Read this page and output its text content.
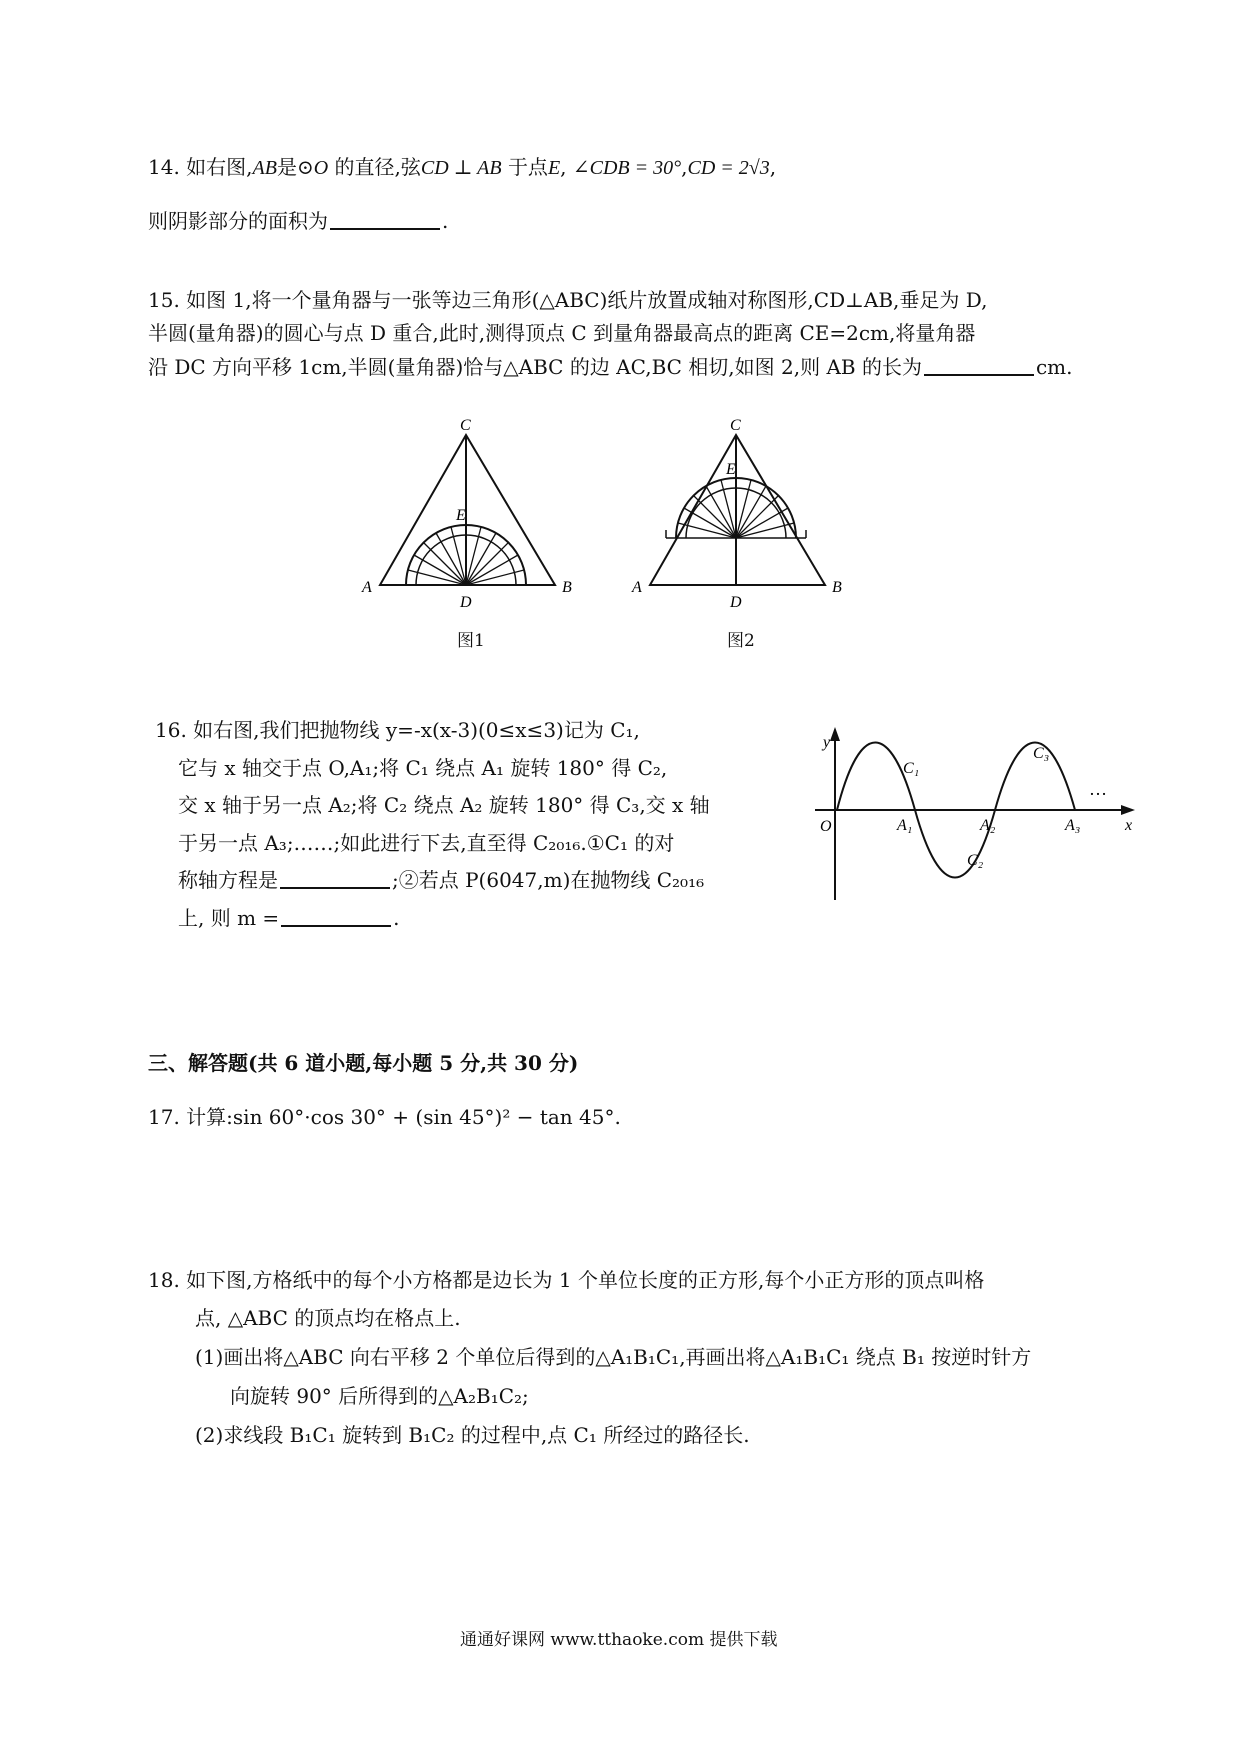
14. 如右图,AB是⊙O 的直径,弦CD ⊥ AB 于点E, ∠CDB = 30°,CD = 2√3,
则阴影部分的面积为	.
15. 如图 1,将一个量角器与一张等边三角形(△ABC)纸片放置成轴对称图形,CD⊥AB,垂足为 D,
半圆(量角器)的圆心与点 D 重合,此时,测得顶点 C 到量角器最高点的距离 CE=2cm,将量角器
沿 DC 方向平移 1cm,半圆(量角器)恰与△ABC 的边 AC,BC 相切,如图 2,则 AB 的长为	cm.
C
E
A	B
D
图1
C
E
A	B
D
图2
16. 如右图,我们把抛物线 y=-x(x-3)(0≤x≤3)记为 C₁,
它与 x 轴交于点 O,A₁;将 C₁ 绕点 A₁ 旋转 180° 得 C₂,
交 x 轴于另一点 A₂;将 C₂ 绕点 A₂ 旋转 180° 得 C₃,交 x 轴
于另一点 A₃;……;如此进行下去,直至得 C₂₀₁₆.①C₁ 的对
称轴方程是	;②若点 P(6047,m)在抛物线 C₂₀₁₆
上, 则 m =	.
y
x
O
C₁
C₂
C₃
A₁	A₂	A₃
…
三、解答题(共 6 道小题,每小题 5 分,共 30 分)
17. 计算:sin 60°·cos 30° + (sin 45°)² − tan 45°.
18. 如下图,方格纸中的每个小方格都是边长为 1 个单位长度的正方形,每个小正方形的顶点叫格
点, △ABC 的顶点均在格点上.
(1)画出将△ABC 向右平移 2 个单位后得到的△A₁B₁C₁,再画出将△A₁B₁C₁ 绕点 B₁ 按逆时针方
向旋转 90° 后所得到的△A₂B₁C₂;
(2)求线段 B₁C₁ 旋转到 B₁C₂ 的过程中,点 C₁ 所经过的路径长.
通通好课网 www.tthaoke.com 提供下载
